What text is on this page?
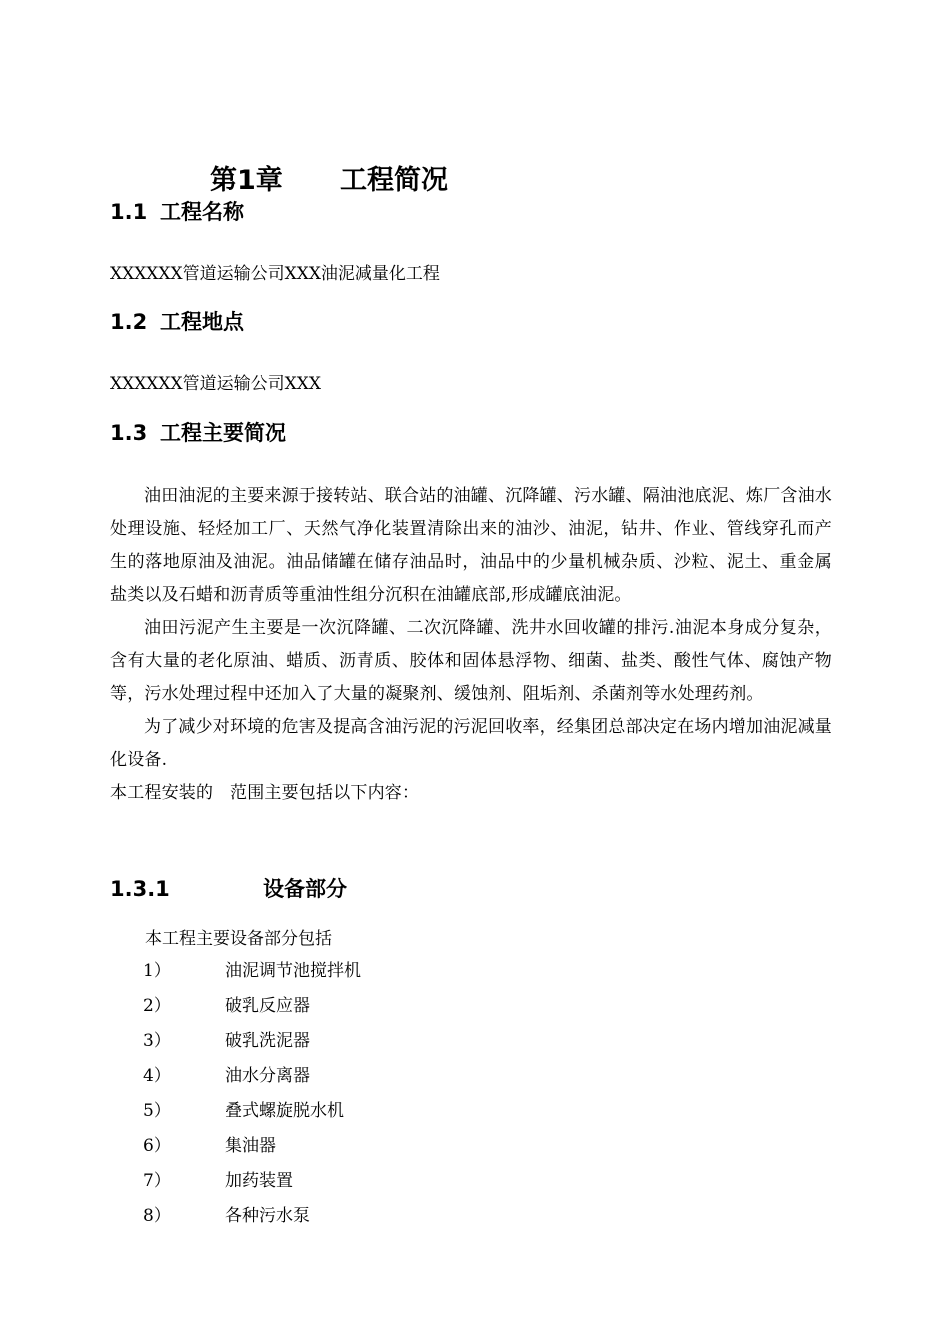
第1章 工程简况
1.1 工程名称
XXXXXX管道运输公司XXX油泥减量化工程
1.2 工程地点
XXXXXX管道运输公司XXX
1.3 工程主要简况

油田油泥的主要来源于接转站、联合站的油罐、沉降罐、污水罐、隔油池底泥、炼厂含油水处理设施、轻烃加工厂、天然气净化装置清除出来的油沙、油泥，钻井、作业、管线穿孔而产生的落地原油及油泥。油品储罐在储存油品时，油品中的少量机械杂质、沙粒、泥土、重金属盐类以及石蜡和沥青质等重油性组分沉积在油罐底部,形成罐底油泥。

油田污泥产生主要是一次沉降罐、二次沉降罐、洗井水回收罐的排污.油泥本身成分复杂，含有大量的老化原油、蜡质、沥青质、胶体和固体悬浮物、细菌、盐类、酸性气体、腐蚀产物等，污水处理过程中还加入了大量的凝聚剂、缓蚀剂、阻垢剂、杀菌剂等水处理药剂。

为了减少对环境的危害及提高含油污泥的污泥回收率，经集团总部决定在场内增加油泥减量化设备.

本工程安装的   范围主要包括以下内容：

1.3.1	设备部分
本工程主要设备部分包括
1）	油泥调节池搅拌机
2）	破乳反应器
3）	破乳洗泥器
4）	油水分离器
5）	叠式螺旋脱水机
6）	集油器
7）	加药装置
8）	各种污水泵
